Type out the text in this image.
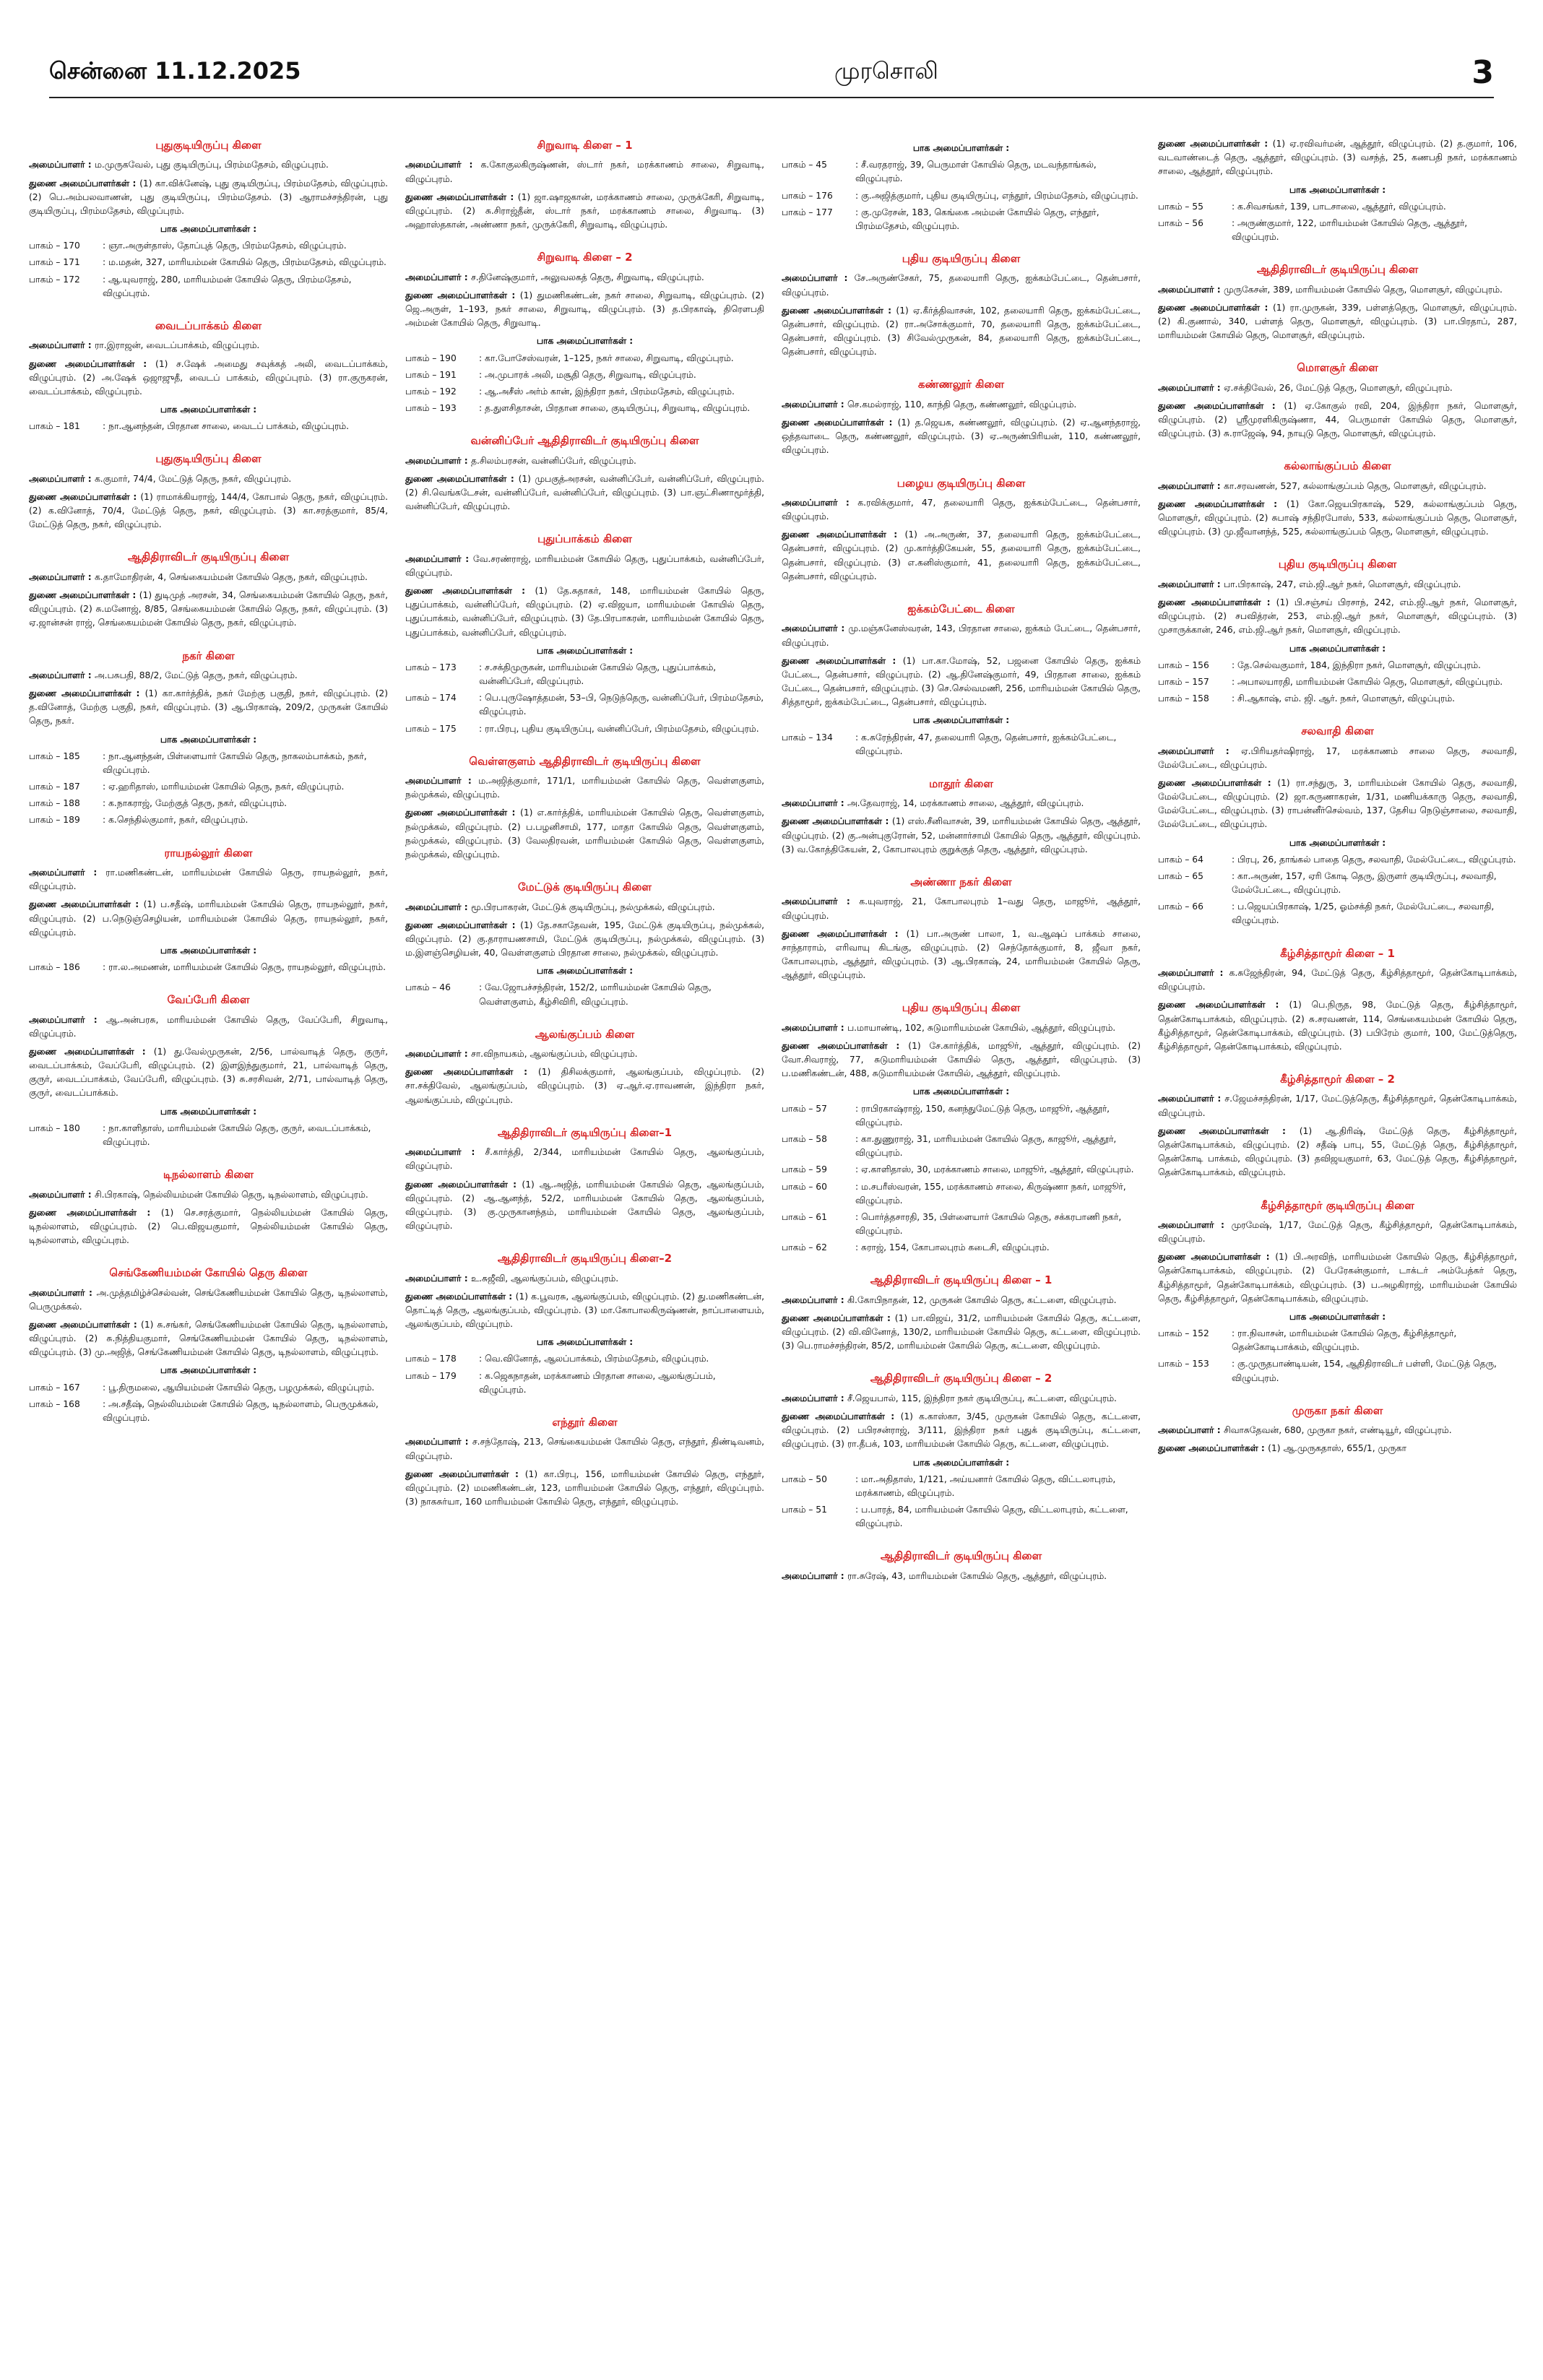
சென்னை 11.12.2025	முரசொலி	3
புதுகுடியிருப்பு கிளை
அமைப்பாளர் : ம.முருகவேல், புது குடியிருப்பு, பிரம்மதேசம், விழுப்புரம்.
துணை அமைப்பாளர்கள் : (1) கா.விக்னேஷ், புது குடியிருப்பு, பிரம்மதேசம், விழுப்புரம். (2) பெ.அம்பலவாணன், புது குடியிருப்பு, பிரம்மதேசம். (3) ஆராமச்சந்திரன், புது குடியிருப்பு, பிரம்மதேசம், விழுப்புரம்.
பாக அமைப்பாளர்கள் :
பாகம் – 170	: ஞா.அருள்தாஸ், தோப்புத் தெரு, பிரம்மதேசம், விழுப்புரம்.
பாகம் – 171	: ம.மதன், 327, மாரியம்மன் கோயில் தெரு, பிரம்மதேசம், விழுப்புரம்.
பாகம் – 172	: ஆ.யுவராஜ், 280, மாரியம்மன் கோயில் தெரு, பிரம்மதேசம், விழுப்புரம்.
வைடப்பாக்கம் கிளை
அமைப்பாளர் : ரா.இராஜன், வைடப்பாக்கம், விழுப்புரம்.
துணை அமைப்பாளர்கள் : (1) ச.ஷேக் அமைது சவுக்கத் அலி, வைடப்பாக்கம், விழுப்புரம். (2) அ.ஷேக் ஒஜாஜுதீ, வைடப் பாக்கம், விழுப்புரம். (3) ரா.குருகரன், வைடப்பாக்கம், விழுப்புரம்.
பாக அமைப்பாளர்கள் :
பாகம் – 181	: நா.ஆனந்தன், பிரதான சாலை, வைடப் பாக்கம், விழுப்புரம்.
புதுகுடியிருப்பு கிளை
அமைப்பாளர் : க.குமார், 74/4, மேட்டுத் தெரு, நகர், விழுப்புரம்.
துணை அமைப்பாளர்கள் : (1) ராமாக்கியராஜ், 144/4, கோபால் தெரு, நகர், விழுப்புரம். (2) க.வினோத், 70/4, மேட்டுத் தெரு, நகர், விழுப்புரம். (3) கா.சரத்குமார், 85/4, மேட்டுத் தெரு, நகர், விழுப்புரம்.
ஆதிதிராவிடர் குடியிருப்பு கிளை
அமைப்பாளர் : க.தாமோதிரன், 4, செங்கையம்மன் கோயில் தெரு, நகர், விழுப்புரம்.
துணை அமைப்பாளர்கள் : (1) துடிமுத் அரசன், 34, செங்கையம்மன் கோயில் தெரு, நகர், விழுப்புரம். (2) சு.மனோஜ், 8/85, செங்கையம்மன் கோயில் தெரு, நகர், விழுப்புரம். (3) ஏ.ஜான்சன் ராஜ், செங்கையம்மன் கோயில் தெரு, நகர், விழுப்புரம்.
நகர் கிளை
அமைப்பாளர் : அ.பசுபதி, 88/2, மேட்டுத் தெரு, நகர், விழுப்புரம்.
துணை அமைப்பாளர்கள் : (1) கா.கார்த்திக், நகர் மேற்கு பகுதி, நகர், விழுப்புரம். (2) த.வினோத், மேற்கு பகுதி, நகர், விழுப்புரம். (3) ஆ.பிரகாஷ், 209/2, முருகன் கோயில் தெரு, நகர்.
பாக அமைப்பாளர்கள் :
பாகம் – 185	: நா.ஆனந்தன், பிள்ளையார் கோயில் தெரு, நாகலம்பாக்கம், நகர், விழுப்புரம்.
பாகம் – 187	: ஏ.ஹரிதாஸ், மாரியம்மன் கோயில் தெரு, நகர், விழுப்புரம்.
பாகம் – 188	: க.நாகராஜ், மேற்குத் தெரு, நகர், விழுப்புரம்.
பாகம் – 189	: க.செந்தில்குமார், நகர், விழுப்புரம்.
ராயநல்லூர் கிளை
அமைப்பாளர் : ரா.மணிகண்டன், மாரியம்மன் கோயில் தெரு, ராயநல்லூர், நகர், விழுப்புரம்.
துணை அமைப்பாளர்கள் : (1) ப.சதீஷ், மாரியம்மன் கோயில் தெரு, ராயநல்லூர், நகர், விழுப்புரம். (2) ப.நெடுஞ்செழியன், மாரியம்மன் கோயில் தெரு, ராயநல்லூர், நகர், விழுப்புரம்.
பாக அமைப்பாளர்கள் :
பாகம் – 186	: ரா.ல.அமணன், மாரியம்மன் கோயில் தெரு, ராயநல்லூர், விழுப்புரம்.
வேப்பேரி கிளை
அமைப்பாளர் : ஆ.அன்பரசு, மாரியம்மன் கோயில் தெரு, வேப்பேரி, சிறுவாடி, விழுப்புரம்.
துணை அமைப்பாளர்கள் : (1) து.வேல்முருகன், 2/56, பால்வாடித் தெரு, குருர், வைடப்பாக்கம், வேப்பேரி, விழுப்புரம். (2) இளஇந்துகுமார், 21, பால்வாடித் தெரு, குருர், வைடப்பாக்கம், வேப்பேரி, விழுப்புரம். (3) சு.சரசிவன், 2/71, பால்வாடித் தெரு, குருர், வைடப்பாக்கம்.
பாக அமைப்பாளர்கள் :
பாகம் – 180	: நா.காளிதாஸ், மாரியம்மன் கோயில் தெரு, குருர், வைடப்பாக்கம், விழுப்புரம்.
டிநல்லாளம் கிளை
அமைப்பாளர் : சி.பிரகாஷ், நெல்லியம்மன் கோயில் தெரு, டிநல்லாளம், விழுப்புரம்.
துணை அமைப்பாளர்கள் : (1) செ.சரத்குமார், நெல்லியம்மன் கோயில் தெரு, டிநல்லாளம், விழுப்புரம். (2) பெ.விஜயகுமார், நெல்லியம்மன் கோயில் தெரு, டிநல்லாளம், விழுப்புரம்.
செங்கேணியம்மன் கோயில் தெரு கிளை
அமைப்பாளர் : அ.முத்தமிழ்ச்செல்வன், செங்கேணியம்மன் கோயில் தெரு, டிநல்லாளம், பெருமுக்கல்.
துணை அமைப்பாளர்கள் : (1) சு.சங்கர், செங்கேணியம்மன் கோயில் தெரு, டிநல்லாளம், விழுப்புரம். (2) சு.நித்தியகுமார், செங்கேணியம்மன் கோயில் தெரு, டிநல்லாளம், விழுப்புரம். (3) மு.அஜித், செங்கேணியம்மன் கோயில் தெரு, டிநல்லாளம், விழுப்புரம்.
பாக அமைப்பாளர்கள் :
பாகம் – 167	: பூ.திருமலை, ஆயியம்மன் கோயில் தெரு, பழமுக்கல், விழுப்புரம்.
பாகம் – 168	: அ.சதீஷ், நெல்லியம்மன் கோயில் தெரு, டிநல்லாளம், பெருமுக்கல், விழுப்புரம்.
சிறுவாடி கிளை – 1
அமைப்பாளர் : க.கோகுலகிருஷ்ணன், ஸ்டார் நகர், மரக்காணம் சாலை, சிறுவாடி, விழுப்புரம்.
துணை அமைப்பாளர்கள் : (1) ஜா.ஷாஜகான், மரக்காணம் சாலை, முருக்கேரி, சிறுவாடி, விழுப்புரம். (2) சு.சிராஜ்தீன், ஸ்டார் நகர், மரக்காணம் சாலை, சிறுவாடி. (3) அஹாஸ்தகான், அண்ணா நகர், முருக்கேரி, சிறுவாடி, விழுப்புரம்.
சிறுவாடி கிளை – 2
அமைப்பாளர் : ச.தினேஷ்குமார், அலுவலகத் தெரு, சிறுவாடி, விழுப்புரம்.
துணை அமைப்பாளர்கள் : (1) துமணிகண்டன், நகர் சாலை, சிறுவாடி, விழுப்புரம். (2) ஜெ.அருள், 1–193, நகர் சாலை, சிறுவாடி, விழுப்புரம். (3) த.பிரகாஷ், திரௌபதி அம்மன் கோயில் தெரு, சிறுவாடி.
பாக அமைப்பாளர்கள் :
பாகம் – 190	: கா.போசேஸ்வரன், 1–125, நகர் சாலை, சிறுவாடி, விழுப்புரம்.
பாகம் – 191	: அ.முபாரக் அலி, மசூதி தெரு, சிறுவாடி, விழுப்புரம்.
பாகம் – 192	: ஆ.அசீஸ் அர்ம் கான், இந்திரா நகர், பிரம்மதேசம், விழுப்புரம்.
பாகம் – 193	: த.துளசிதாசன், பிரதான சாலை, குடியிருப்பு, சிறுவாடி, விழுப்புரம்.
வன்னிப்பேர் ஆதிதிராவிடர் குடியிருப்பு கிளை
அமைப்பாளர் : த.சிலம்பரசன், வன்னிப்பேர், விழுப்புரம்.
துணை அமைப்பாளர்கள் : (1) முபகுத்அரசன், வன்னிப்பேர், வன்னிப்பேர், விழுப்புரம். (2) சி.வெங்கடேசன், வன்னிப்பேர், வன்னிப்பேர், விழுப்புரம். (3) பா.ஞட்சிணாமூர்த்தி, வன்னிப்பேர், விழுப்புரம்.
புதுப்பாக்கம் கிளை
அமைப்பாளர் : வே.சரண்ராஜ், மாரியம்மன் கோயில் தெரு, புதுப்பாக்கம், வன்னிப்பேர், விழுப்புரம்.
துணை அமைப்பாளர்கள் : (1) தே.சுதாகர், 148, மாரியம்மன் கோயில் தெரு, புதுப்பாக்கம், வன்னிப்பேர், விழுப்புரம். (2) ஏ.விஜயா, மாரியம்மன் கோயில் தெரு, புதுப்பாக்கம், வன்னிப்பேர், விழுப்புரம். (3) தே.பிரபாகரன், மாரியம்மன் கோயில் தெரு, புதுப்பாக்கம், வன்னிப்பேர், விழுப்புரம்.
பாக அமைப்பாளர்கள் :
பாகம் – 173	: ச.சக்திமுருகன், மாரியம்மன் கோயில் தெரு, புதுப்பாக்கம், வன்னிப்பேர், விழுப்புரம்.
பாகம் – 174	: பெ.புருஷோத்தமன், 53–பி, நெடுந்தெரு, வன்னிப்பேர், பிரம்மதேசம், விழுப்புரம்.
பாகம் – 175	: ரா.பிரபு, புதிய குடியிருப்பு, வன்னிப்பேர், பிரம்மதேசம், விழுப்புரம்.
வெள்ளகுளம் ஆதிதிராவிடர் குடியிருப்பு கிளை
அமைப்பாளர் : ம.அஜித்குமார், 171/1, மாரியம்மன் கோயில் தெரு, வெள்ளகுளம், நல்முக்கல், விழுப்புரம்.
துணை அமைப்பாளர்கள் : (1) எ.கார்த்திக், மாரியம்மன் கோயில் தெரு, வெள்ளகுளம், நல்முக்கல், விழுப்புரம். (2) ப.பழனிசாமி, 177, மாதா கோயில் தெரு, வெள்ளகுளம், நல்முக்கல், விழுப்புரம். (3) வேலதிரவன், மாரியம்மன் கோயில் தெரு, வெள்ளகுளம், நல்முக்கல், விழுப்புரம்.
மேட்டுக் குடியிருப்பு கிளை
அமைப்பாளர் : மூ.பிரபாகரன், மேட்டுக் குடியிருப்பு, நல்முக்கல், விழுப்புரம்.
துணை அமைப்பாளர்கள் : (1) தே.சகாதேவன், 195, மேட்டுக் குடியிருப்பு, நல்முக்கல், விழுப்புரம். (2) கு.தாராயணசாமி, மேட்டுக் குடியிருப்பு, நல்முக்கல், விழுப்புரம். (3) ம.இளஞ்செழியன், 40, வெள்ளகுளம் பிரதான சாலை, நல்முக்கல், விழுப்புரம்.
பாக அமைப்பாளர்கள் :
பாகம் – 46	: வே.ஜோபச்சந்திரன், 152/2, மாரியம்மன் கோயில் தெரு, வெள்ளகுளம், கீழ்சிவிரி, விழுப்புரம்.
ஆலங்குப்பம் கிளை
அமைப்பாளர் : சா.விநாயகம், ஆலங்குப்பம், விழுப்புரம்.
துணை அமைப்பாளர்கள் : (1) திசிலக்குமார், ஆலங்குப்பம், விழுப்புரம். (2) சா.சக்திவேல், ஆலங்குப்பம், விழுப்புரம். (3) ஏ.ஆர்.ஏ.ராவணன், இந்திரா நகர், ஆலங்குப்பம், விழுப்புரம்.
ஆதிதிராவிடர் குடியிருப்பு கிளை–1
அமைப்பாளர் : சீ.கார்த்தி, 2/344, மாரியம்மன் கோயில் தெரு, ஆலங்குப்பம், விழுப்புரம்.
துணை அமைப்பாளர்கள் : (1) ஆ.அஜித், மாரியம்மன் கோயில் தெரு, ஆலங்குப்பம், விழுப்புரம். (2) ஆ.ஆனந்த், 52/2, மாரியம்மன் கோயில் தெரு, ஆலங்குப்பம், விழுப்புரம். (3) கு.முருகானந்தம், மாரியம்மன் கோயில் தெரு, ஆலங்குப்பம், விழுப்புரம்.
ஆதிதிராவிடர் குடியிருப்பு கிளை–2
அமைப்பாளர் : உ.சுஜீவி, ஆலங்குப்பம், விழுப்புரம்.
துணை அமைப்பாளர்கள் : (1) க.பூவரசு, ஆலங்குப்பம், விழுப்புரம். (2) து.மணிகண்டன், தொட்டித் தெரு, ஆலங்குப்பம், விழுப்புரம். (3) மா.கோபாலகிருஷ்ணன், நாப்பாளையம், ஆலங்குப்பம், விழுப்புரம்.
பாக அமைப்பாளர்கள் :
பாகம் – 178	: வெ.வினோத், ஆலப்பாக்கம், பிரம்மதேசம், விழுப்புரம்.
பாகம் – 179	: க.ஜெகநாதன், மரக்காணம் பிரதான சாலை, ஆலங்குப்பம், விழுப்புரம்.
எந்தூர் கிளை
அமைப்பாளர் : ச.சந்தோஷ், 213, செங்கையம்மன் கோயில் தெரு, எந்தூர், திண்டிவனம், விழுப்புரம்.
துணை அமைப்பாளர்கள் : (1) கா.பிரபு, 156, மாரியம்மன் கோயில் தெரு, எந்தூர், விழுப்புரம். (2) மமணிகண்டன், 123, மாரியம்மன் கோயில் தெரு, எந்தூர், விழுப்புரம். (3) நாகசுர்யா, 160 மாரியம்மன் கோயில் தெரு, எந்தூர், விழுப்புரம்.
பாக அமைப்பாளர்கள் :
பாகம் – 45	: சீ.வரதராஜ், 39, பெருமாள் கோயில் தெரு, மடவந்தாங்கல், விழுப்புரம்.
பாகம் – 176	: கு.அஜித்குமார், புதிய குடியிருப்பு, எந்தூர், பிரம்மதேசம், விழுப்புரம்.
பாகம் – 177	: கு.முரேசன், 183, கெங்கை அம்மன் கோயில் தெரு, எந்தூர், பிரம்மதேசம், விழுப்புரம்.
புதிய குடியிருப்பு கிளை
அமைப்பாளர் : சே.அருண்சேகர், 75, தலையாரி தெரு, ஐக்கம்பேட்டை, தென்பசார், விழுப்புரம்.
துணை அமைப்பாளர்கள் : (1) ஏ.கீர்த்திவாசன், 102, தலையாரி தெரு, ஐக்கம்பேட்டை, தென்பசார், விழுப்புரம். (2) ரா.அசோக்குமார், 70, தலையாரி தெரு, ஐக்கம்பேட்டை, தென்பசார், விழுப்புரம். (3) சிவேல்முருகன், 84, தலையாரி தெரு, ஐக்கம்பேட்டை, தென்பசார், விழுப்புரம்.
கண்ணலூர் கிளை
அமைப்பாளர் : செ.கமல்ராஜ், 110, காந்தி தெரு, கண்ணலூர், விழுப்புரம்.
துணை அமைப்பாளர்கள் : (1) த.ஜெயக, கண்ணலூர், விழுப்புரம். (2) ஏ.ஆனந்தராஜ், ஒத்தவாடை தெரு, கண்ணலூர், விழுப்புரம். (3) ஏ.அருண்பிரியன், 110, கண்ணலூர், விழுப்புரம்.
பழைய குடியிருப்பு கிளை
அமைப்பாளர் : க.ரவிக்குமார், 47, தலையாரி தெரு, ஐக்கம்பேட்டை, தென்பசார், விழுப்புரம்.
துணை அமைப்பாளர்கள் : (1) அ.அருண், 37, தலையாரி தெரு, ஐக்கம்பேட்டை, தென்பசார், விழுப்புரம். (2) மு.கார்த்திகேயன், 55, தலையாரி தெரு, ஐக்கம்பேட்டை, தென்பசார், விழுப்புரம். (3) எ.கனிஸ்குமார், 41, தலையாரி தெரு, ஐக்கம்பேட்டை, தென்பசார், விழுப்புரம்.
ஐக்கம்பேட்டை கிளை
அமைப்பாளர் : மு.மஞ்சுனேஸ்வரன், 143, பிரதான சாலை, ஐக்கம் பேட்டை, தென்பசார், விழுப்புரம்.
துணை அமைப்பாளர்கள் : (1) பா.கா.மோஷ், 52, பஜனை கோயில் தெரு, ஐக்கம் பேட்டை, தென்பசார், விழுப்புரம். (2) ஆ.தினேஷ்குமார், 49, பிரதான சாலை, ஐக்கம் பேட்டை, தென்பசார், விழுப்புரம். (3) செ.செல்வமணி, 256, மாரியம்மன் கோயில் தெரு, சித்தாமூர், ஐக்கம்பேட்டை, தென்பசார், விழுப்புரம்.
பாக அமைப்பாளர்கள் :
பாகம் – 134	: க.சுரேந்திரன், 47, தலையாரி தெரு, தென்பசார், ஐக்கம்பேட்டை, விழுப்புரம்.
மாதூர் கிளை
அமைப்பாளர் : அ.தேவராஜ், 14, மரக்காணம் சாலை, ஆத்தூர், விழுப்புரம்.
துணை அமைப்பாளர்கள் : (1) எஸ்.சீனிவாசன், 39, மாரியம்மன் கோயில் தெரு, ஆத்தூர், விழுப்புரம். (2) கு.அன்புகுரோன், 52, மன்னார்சாமி கோயில் தெரு, ஆத்தூர், விழுப்புரம். (3) வ.கோத்திகேயன், 2, கோபாலபுரம் குறுக்குத் தெரு, ஆத்தூர், விழுப்புரம்.
அண்ணா நகர் கிளை
அமைப்பாளர் : க.யுவராஜ், 21, கோபாலபுரம் 1–வது தெரு, மாஜூர், ஆத்தூர், விழுப்புரம்.
துணை அமைப்பாளர்கள் : (1) பா.அருண் பாலா, 1, வ.ஆஷப் பாக்கம் சாலை, சாந்தாராம், எரிவாயு கிடங்கு, விழுப்புரம். (2) செந்தோக்குமார், 8, ஜீவா நகர், கோபாலபுரம், ஆத்தூர், விழுப்புரம். (3) ஆ.பிரகாஷ், 24, மாரியம்மன் கோயில் தெரு, ஆத்தூர், விழுப்புரம்.
புதிய குடியிருப்பு கிளை
அமைப்பாளர் : ப.மாயாண்டி, 102, சுடுமாரியம்மன் கோயில், ஆத்தூர், விழுப்புரம்.
துணை அமைப்பாளர்கள் : (1) சே.கார்த்திக், மாஜூர், ஆத்தூர், விழுப்புரம். (2) வோ.சிவராஜ், 77, சுடுமாரியம்மன் கோயில் தெரு, ஆத்தூர், விழுப்புரம். (3) ப.மணிகண்டன், 488, சுடுமாரியம்மன் கோயில், ஆத்தூர், விழுப்புரம்.
பாக அமைப்பாளர்கள் :
பாகம் – 57	: ராபிரகாஷ்ராஜ், 150, கனந்துமேட்டுத் தெரு, மாஜூர், ஆத்தூர், விழுப்புரம்.
பாகம் – 58	: கா.துணுராஜ், 31, மாரியம்மன் கோயில் தெரு, காஜூர், ஆத்தூர், விழுப்புரம்.
பாகம் – 59	: ஏ.காளிதாஸ், 30, மரக்காணம் சாலை, மாஜூர், ஆத்தூர், விழுப்புரம்.
பாகம் – 60	: ம.சபரீஸ்வரன், 155, மரக்காணம் சாலை, கிருஷ்ணா நகர், மாஜூர், விழுப்புரம்.
பாகம் – 61	: பொர்த்தசாரதி, 35, பிள்ளையார் கோயில் தெரு, சக்கரபாணி நகர், விழுப்புரம்.
பாகம் – 62	: சுராஜ், 154, கோபாலபுரம் கடைசி, விழுப்புரம்.
ஆதிதிராவிடர் குடியிருப்பு கிளை – 1
அமைப்பாளர் : கி.கோபிநாதன், 12, முருகன் கோயில் தெரு, கட்டளை, விழுப்புரம்.
துணை அமைப்பாளர்கள் : (1) பா.விஜய், 31/2, மாரியம்மன் கோயில் தெரு, கட்டளை, விழுப்புரம். (2) வி.வினோத், 130/2, மாரியம்மன் கோயில் தெரு, கட்டளை, விழுப்புரம். (3) பெ.ராமச்சந்திரன், 85/2, மாரியம்மன் கோயில் தெரு, கட்டளை, விழுப்புரம்.
ஆதிதிராவிடர் குடியிருப்பு கிளை – 2
அமைப்பாளர் : சீ.ஜெயபால், 115, இந்திரா நகர் குடியிருப்பு, கட்டளை, விழுப்புரம்.
துணை அமைப்பாளர்கள் : (1) க.காஸ்கா, 3/45, முருகன் கோயில் தெரு, கட்டளை, விழுப்புரம். (2) பபிரசன்ராஜ், 3/111, இந்திரா நகர் புதுக் குடியிருப்பு, கட்டளை, விழுப்புரம். (3) ரா.தீபக், 103, மாரியம்மன் கோயில் தெரு, கட்டளை, விழுப்புரம்.
பாக அமைப்பாளர்கள் :
பாகம் – 50	: மா.அதிதாஸ், 1/121, அய்யனார் கோயில் தெரு, விட்டலாபுரம், மரக்காணம், விழுப்புரம்.
பாகம் – 51	: ப.பாரத், 84, மாரியம்மன் கோயில் தெரு, விட்டலாபுரம், கட்டளை, விழுப்புரம்.
ஆதிதிராவிடர் குடியிருப்பு கிளை
அமைப்பாளர் : ரா.சுரேஷ், 43, மாரியம்மன் கோயில் தெரு, ஆத்தூர், விழுப்புரம்.
துணை அமைப்பாளர்கள் : (1) ஏ.ரவிவர்மன், ஆத்தூர், விழுப்புரம். (2) த.குமார், 106, வடவாண்டைத் தெரு, ஆத்தூர், விழுப்புரம். (3) வசந்த், 25, கணபதி நகர், மரக்காணம் சாலை, ஆத்தூர், விழுப்புரம்.
பாக அமைப்பாளர்கள் :
பாகம் – 55	: க.சிவசங்கர், 139, பாடசாலை, ஆத்தூர், விழுப்புரம்.
பாகம் – 56	: அருண்குமார், 122, மாரியம்மன் கோயில் தெரு, ஆத்தூர், விழுப்புரம்.
ஆதிதிராவிடர் குடியிருப்பு கிளை
அமைப்பாளர் : முருகேசன், 389, மாரியம்மன் கோயில் தெரு, மொளசூர், விழுப்புரம்.
துணை அமைப்பாளர்கள் : (1) ரா.முருகன், 339, பள்ளத்தெரு, மொளசூர், விழுப்புரம். (2) கி.குணால், 340, பள்ளத் தெரு, மொளசூர், விழுப்புரம். (3) பா.பிரதாப், 287, மாரியம்மன் கோயில் தெரு, மொளசூர், விழுப்புரம்.
மொளசூர் கிளை
அமைப்பாளர் : ஏ.சக்திவேல், 26, மேட்டுத் தெரு, மொளசூர், விழுப்புரம்.
துணை அமைப்பாளர்கள் : (1) ஏ.கோகுல் ரவி, 204, இந்திரா நகர், மொளசூர், விழுப்புரம். (2) ஸ்ரீமுரளிகிருஷ்ணா, 44, பெருமாள் கோயில் தெரு, மொளசூர், விழுப்புரம். (3) சு.ராஜேஷ், 94, நாயுடு தெரு, மொளசூர், விழுப்புரம்.
கல்லாங்குப்பம் கிளை
அமைப்பாளர் : கா.சரவணன், 527, கல்லாங்குப்பம் தெரு, மொளசூர், விழுப்புரம்.
துணை அமைப்பாளர்கள் : (1) கோ.ஜெயபிரகாஷ், 529, கல்லாங்குப்பம் தெரு, மொளசூர், விழுப்புரம். (2) சுபாஷ் சந்திரபோஸ், 533, கல்லாங்குப்பம் தெரு, மொளசூர், விழுப்புரம். (3) மு.ஜீவானந்த், 525, கல்லாங்குப்பம் தெரு, மொளசூர், விழுப்புரம்.
புதிய குடியிருப்பு கிளை
அமைப்பாளர் : பா.பிரகாஷ், 247, எம்.ஜி.ஆர் நகர், மொளசூர், விழுப்புரம்.
துணை அமைப்பாளர்கள் : (1) பி.சஞ்சய் பிரசாந், 242, எம்.ஜி.ஆர் நகர், மொளசூர், விழுப்புரம். (2) சபவித்ரன், 253, எம்.ஜி.ஆர் நகர், மொளசூர், விழுப்புரம். (3) முசாருக்கான், 246, எம்.ஜி.ஆர் நகர், மொளசூர், விழுப்புரம்.
பாக அமைப்பாளர்கள் :
பாகம் – 156	: தே.செல்வகுமார், 184, இந்திரா நகர், மொளசூர், விழுப்புரம்.
பாகம் – 157	: அபாலயாரதி, மாரியம்மன் கோயில் தெரு, மொளசூர், விழுப்புரம்.
பாகம் – 158	: சி.ஆகாஷ், எம். ஜி. ஆர். நகர், மொளசூர், விழுப்புரம்.
சலவாதி கிளை
அமைப்பாளர் : ஏ.பிரியதர்ஷிராஜ், 17, மரக்காணம் சாலை தெரு, சலவாதி, மேல்பேட்டை, விழுப்புரம்.
துணை அமைப்பாளர்கள் : (1) ரா.சந்துரு, 3, மாரியம்மன் கோயில் தெரு, சலவாதி, மேல்பேட்டை, விழுப்புரம். (2) ஜா.கருணாகரன், 1/31, மணியக்காரு தெரு, சலவாதி, மேல்பேட்டை, விழுப்புரம். (3) ராபன்னீர்செல்வம், 137, தேசிய நெடுஞ்சாலை, சலவாதி, மேல்பேட்டை, விழுப்புரம்.
பாக அமைப்பாளர்கள் :
பாகம் – 64	: பிரபு, 26, தாங்கல் பாதை தெரு, சலவாதி, மேல்பேட்டை, விழுப்புரம்.
பாகம் – 65	: கா.அருண், 157, ஏரி கோடி தெரு, இருளர் குடியிருப்பு, சலவாதி, மேல்பேட்டை, விழுப்புரம்.
பாகம் – 66	: ப.ஜெயப்பிரகாஷ், 1/25, ஓம்சக்தி நகர், மேல்பேட்டை, சலவாதி, விழுப்புரம்.
கீழ்சித்தாமூர் கிளை – 1
அமைப்பாளர் : க.சுஜேந்திரன், 94, மேட்டுத் தெரு, கீழ்சித்தாமூர், தென்கோடிபாக்கம், விழுப்புரம்.
துணை அமைப்பாளர்கள் : (1) பெ.நிருத, 98, மேட்டுத் தெரு, கீழ்சித்தாமூர், தென்கோடிபாக்கம், விழுப்புரம். (2) சு.சரவணன், 114, செங்கையம்மன் கோயில் தெரு, கீழ்சித்தாமூர், தென்கோடிபாக்கம், விழுப்புரம். (3) பபிரேம் குமார், 100, மேட்டுத்தெரு, கீழ்சித்தாமூர், தென்கோடிபாக்கம், விழுப்புரம்.
கீழ்சித்தாமூர் கிளை – 2
அமைப்பாளர் : ச.ஜேமச்சந்திரன், 1/17, மேட்டுத்தெரு, கீழ்சித்தாமூர், தென்கோடிபாக்கம், விழுப்புரம்.
துணை அமைப்பாளர்கள் : (1) ஆ.திரிஷ், மேட்டுத் தெரு, கீழ்சித்தாமூர், தென்கோடிபாக்கம், விழுப்புரம். (2) சதீஷ் பாபு, 55, மேட்டுத் தெரு, கீழ்சித்தாமூர், தென்கோடி பாக்கம், விழுப்புரம். (3) தவிஜயகுமார், 63, மேட்டுத் தெரு, கீழ்சித்தாமூர், தென்கோடிபாக்கம், விழுப்புரம்.
கீழ்சித்தாமூர் குடியிருப்பு கிளை
அமைப்பாளர் : முரமேஷ், 1/17, மேட்டுத் தெரு, கீழ்சித்தாமூர், தென்கோடிபாக்கம், விழுப்புரம்.
துணை அமைப்பாளர்கள் : (1) பி.அரவிந், மாரியம்மன் கோயில் தெரு, கீழ்சித்தாமூர், தென்கோடிபாக்கம், விழுப்புரம். (2) பேரேகன்குமார், டாக்டர் அம்பேத்கர் தெரு, கீழ்சித்தாமூர், தென்கோடிபாக்கம், விழுப்புரம். (3) ப.அழகிராஜ், மாரியம்மன் கோயில் தெரு, கீழ்சித்தாமூர், தென்கோடிபாக்கம், விழுப்புரம்.
பாக அமைப்பாளர்கள் :
பாகம் – 152	: ரா.நிவாசன், மாரியம்மன் கோயில் தெரு, கீழ்சித்தாமூர், தென்கோடிபாக்கம், விழுப்புரம்.
பாகம் – 153	: கு.முருதபாண்டியன், 154, ஆதிதிராவிடர் பள்ளி, மேட்டுத் தெரு, விழுப்புரம்.
முருகா நகர் கிளை
அமைப்பாளர் : சிவாசுதேவன், 680, முருகா நகர், எண்டியூர், விழுப்புரம்.
துணை அமைப்பாளர்கள் : (1) ஆ.முருகதாஸ், 655/1, முருகா
